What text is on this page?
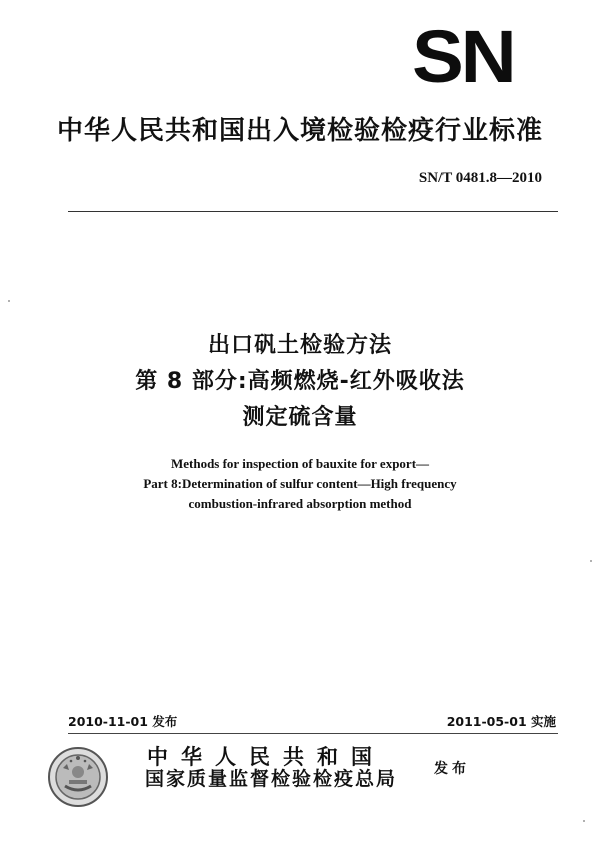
SN
中华人民共和国出入境检验检疫行业标准
SN/T 0481.8—2010
出口矾土检验方法
第 8 部分:高频燃烧-红外吸收法
测定硫含量
Methods for inspection of bauxite for export—
Part 8:Determination of sulfur content—High frequency
combustion-infrared absorption method
2010-11-01 发布	2011-05-01 实施
中华人民共和国
国家质量监督检验检疫总局	发布
